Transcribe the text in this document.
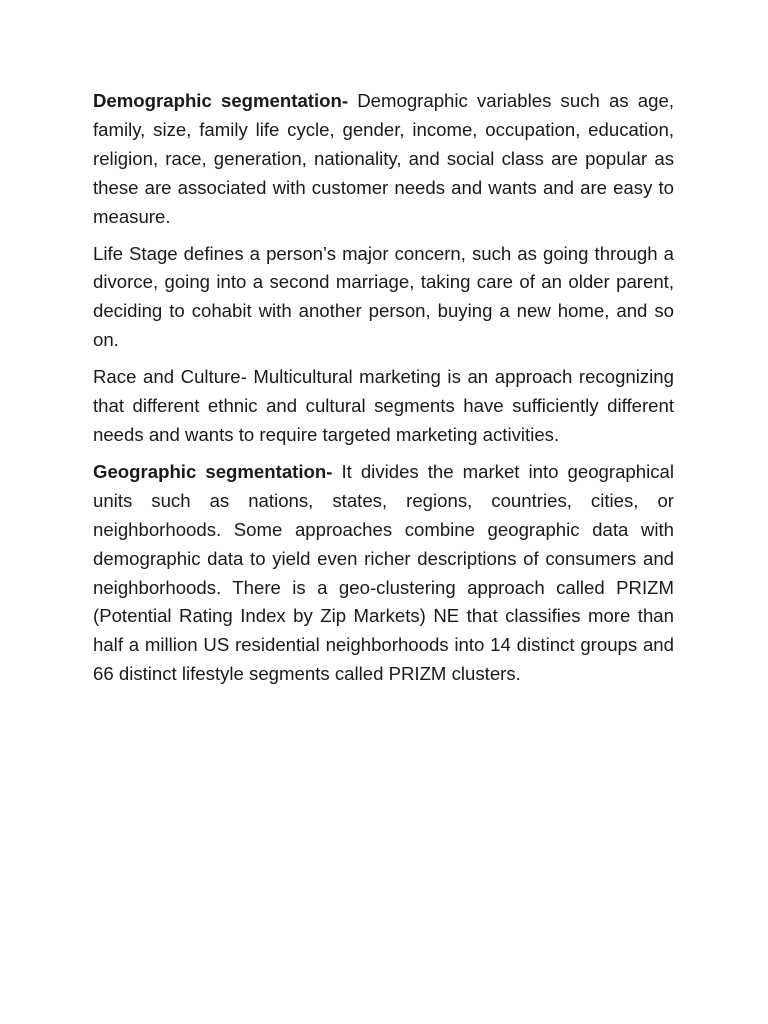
Demographic segmentation- Demographic variables such as age, family, size, family life cycle, gender, income, occupation, education, religion, race, generation, nationality, and social class are popular as these are associated with customer needs and wants and are easy to measure.

Life Stage defines a person’s major concern, such as going through a divorce, going into a second marriage, taking care of an older parent, deciding to cohabit with another person, buying a new home, and so on.

Race and Culture- Multicultural marketing is an approach recognizing that different ethnic and cultural segments have sufficiently different needs and wants to require targeted marketing activities.

Geographic segmentation- It divides the market into geographical units such as nations, states, regions, countries, cities, or neighborhoods. Some approaches combine geographic data with demographic data to yield even richer descriptions of consumers and neighborhoods. There is a geo-clustering approach called PRIZM (Potential Rating Index by Zip Markets) NE that classifies more than half a million US residential neighborhoods into 14 distinct groups and 66 distinct lifestyle segments called PRIZM clusters.
